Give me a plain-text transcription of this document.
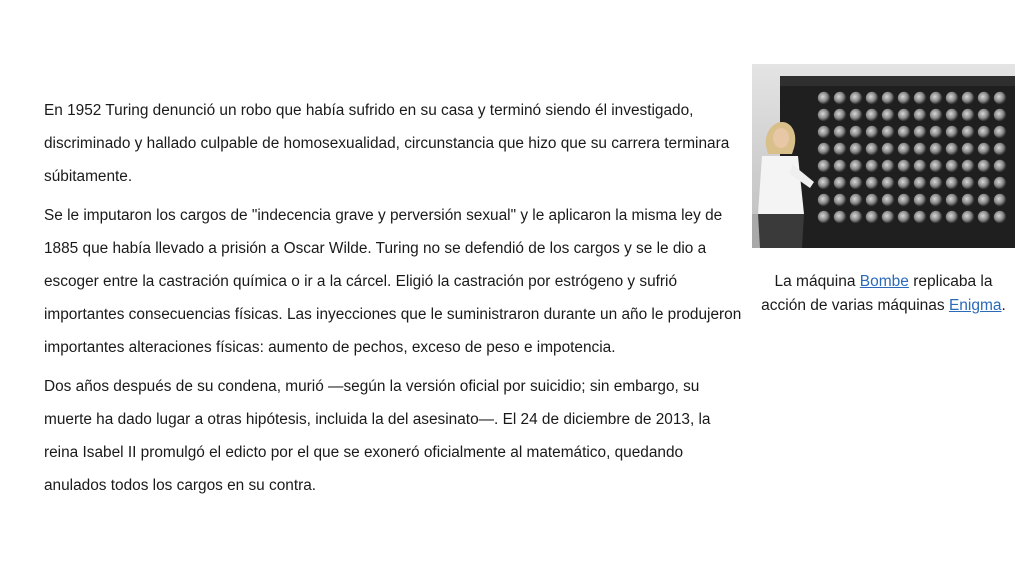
En 1952 Turing denunció un robo que había sufrido en su casa y terminó siendo él investigado, discriminado y hallado culpable de homosexualidad, circunstancia que hizo que su carrera terminara súbitamente.

Se le imputaron los cargos de "indecencia grave y perversión sexual" y le aplicaron la misma ley de 1885 que había llevado a prisión a Oscar Wilde. Turing no se defendió de los cargos y se le dio a escoger entre la castración química o ir a la cárcel. Eligió la castración por estrógeno y sufrió importantes consecuencias físicas. Las inyecciones que le suministraron durante un año le produjeron importantes alteraciones físicas: aumento de pechos, exceso de peso e impotencia.

Dos años después de su condena, murió —según la versión oficial por suicidio; sin embargo, su muerte ha dado lugar a otras hipótesis, incluida la del asesinato—. El 24 de diciembre de 2013, la reina Isabel II promulgó el edicto por el que se exoneró oficialmente al matemático, quedando anulados todos los cargos en su contra.

La máquina Bombe replicaba la acción de varias máquinas Enigma.
